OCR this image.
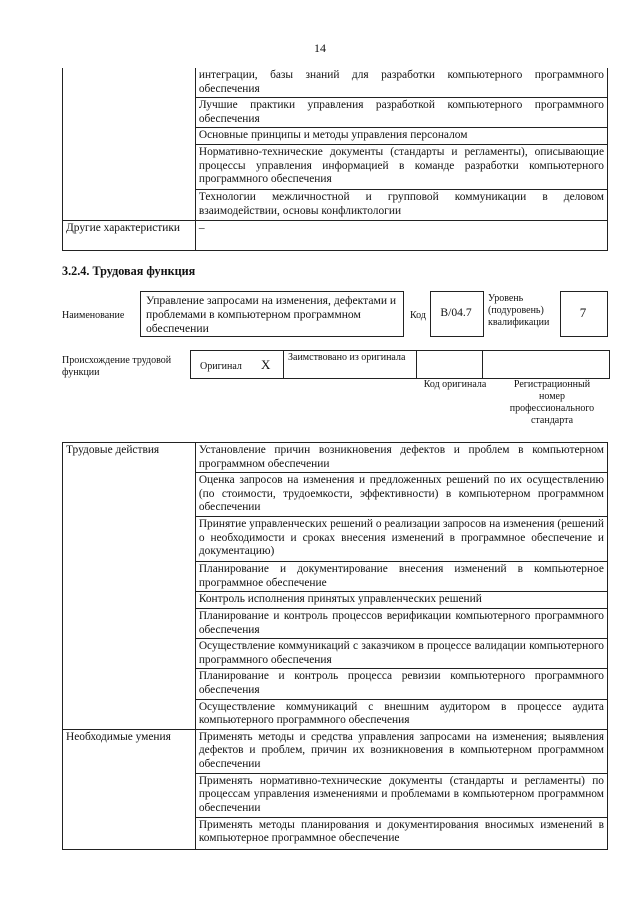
14
	интеграции, базы знаний для разработки компьютерного программного обеспечения
	Лучшие практики управления разработкой компьютерного программного обеспечения
	Основные принципы и методы управления персоналом
	Нормативно-технические документы (стандарты и регламенты), описывающие процессы управления информацией в команде разработки компьютерного программного обеспечения
	Технологии межличностной и групповой коммуникации в деловом взаимодействии, основы конфликтологии
Другие характеристики	–
3.2.4. Трудовая функция
Наименование
Управление запросами на изменения, дефектами и проблемами в компьютерном программном обеспечении
Код	B/04.7
Уровень (подуровень) квалификации
7
Происхождение трудовой функции
Оригинал X Заимствовано из оригинала
Код оригинала	Регистрационный номер профессионального стандарта
Трудовые действия	Установление причин возникновения дефектов и проблем в компьютерном программном обеспечении
	Оценка запросов на изменения и предложенных решений по их осуществлению (по стоимости, трудоемкости, эффективности) в компьютерном программном обеспечении
	Принятие управленческих решений о реализации запросов на изменения (решений о необходимости и сроках внесения изменений в программное обеспечение и документацию)
	Планирование и документирование внесения изменений в компьютерное программное обеспечение
	Контроль исполнения принятых управленческих решений
	Планирование и контроль процессов верификации компьютерного программного обеспечения
	Осуществление коммуникаций с заказчиком в процессе валидации компьютерного программного обеспечения
	Планирование и контроль процесса ревизии компьютерного программного обеспечения
	Осуществление коммуникаций с внешним аудитором в процессе аудита компьютерного программного обеспечения
Необходимые умения	Применять методы и средства управления запросами на изменения; выявления дефектов и проблем, причин их возникновения в компьютерном программном обеспечении
	Применять нормативно-технические документы (стандарты и регламенты) по процессам управления изменениями и проблемами в компьютерном программном обеспечении
	Применять методы планирования и документирования вносимых изменений в компьютерное программное обеспечение
